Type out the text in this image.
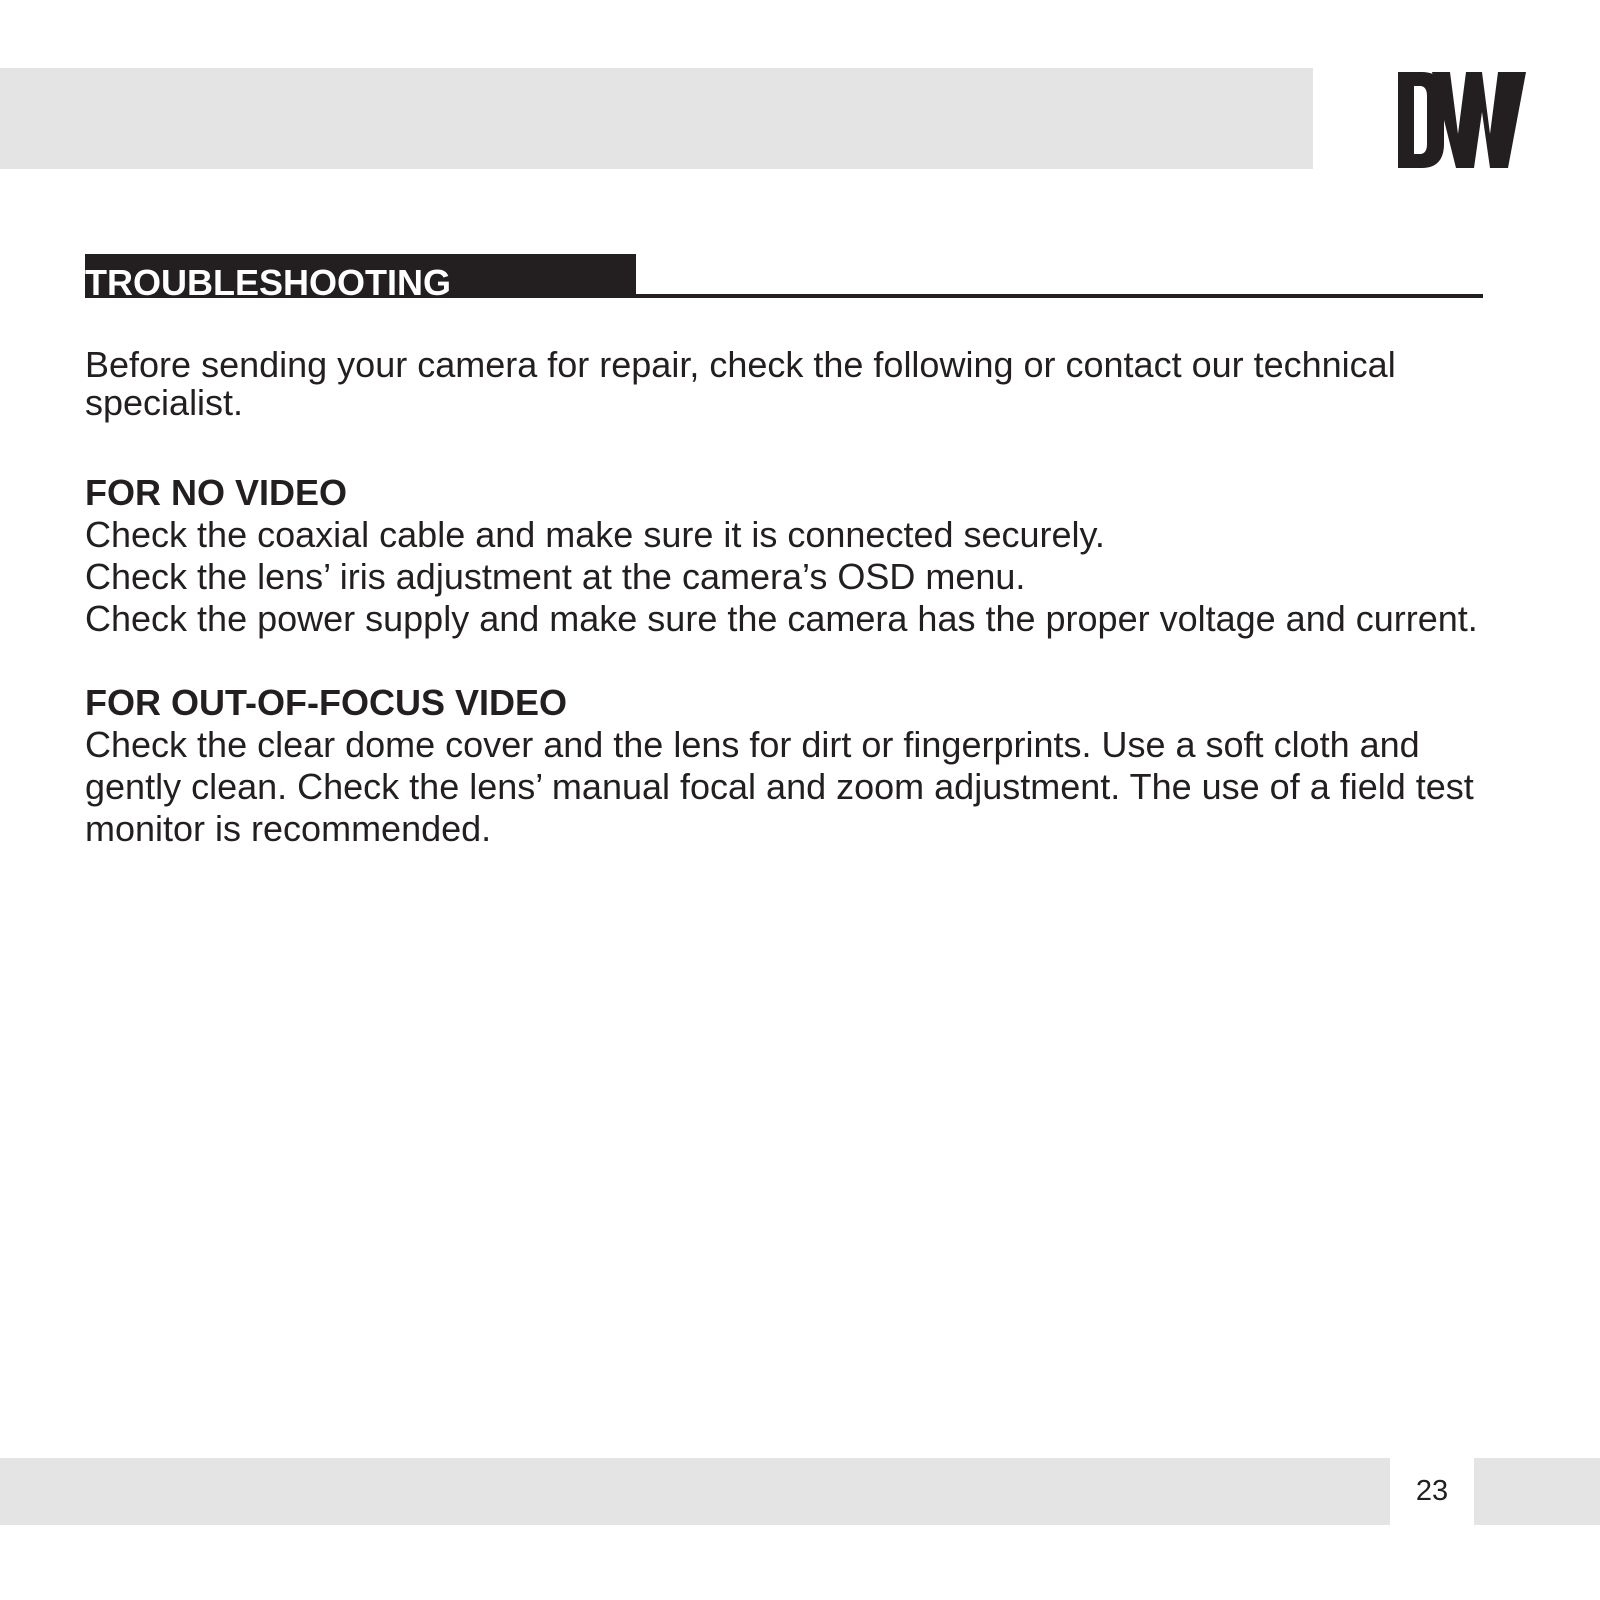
TROUBLESHOOTING

Before sending your camera for repair, check the following or contact our technical specialist.

FOR NO VIDEO

Check the coaxial cable and make sure it is connected securely.

Check the lens’ iris adjustment at the camera’s OSD menu.

Check the power supply and make sure the camera has the proper voltage and current.

FOR OUT-OF-FOCUS VIDEO

Check the clear dome cover and the lens for dirt or fingerprints. Use a soft cloth and gently clean. Check the lens’ manual focal and zoom adjustment. The use of a field test monitor is recommended.

23
